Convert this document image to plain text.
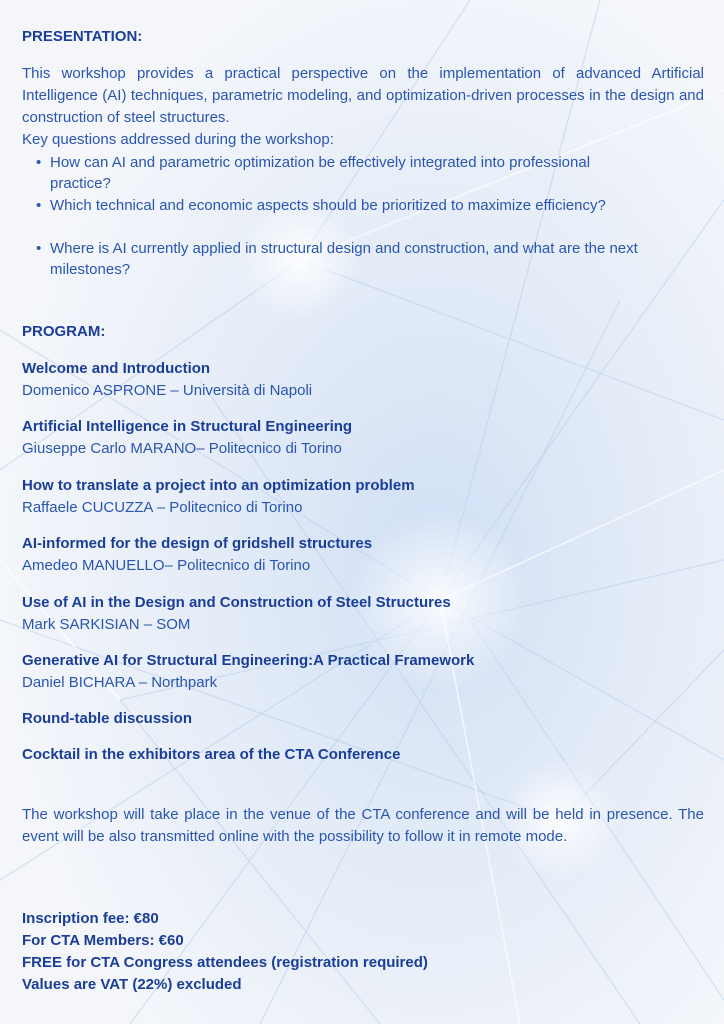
PRESENTATION:
This workshop provides a practical perspective on the implementation of advanced Artificial Intelligence (AI) techniques, parametric modeling, and optimization-driven processes in the design and construction of steel structures.
Key questions addressed during the workshop:
• How can AI and parametric optimization be effectively integrated into professional practice?
• Which technical and economic aspects should be prioritized to maximize efficiency?
• Where is AI currently applied in structural design and construction, and what are the next milestones?
PROGRAM:
Welcome and Introduction
Domenico ASPRONE – Università di Napoli
Artificial Intelligence in Structural Engineering
Giuseppe Carlo MARANO– Politecnico di Torino
How to translate a project into an optimization problem
Raffaele CUCUZZA – Politecnico di Torino
AI-informed for the design of gridshell structures
Amedeo MANUELLO– Politecnico di Torino
Use of AI in the Design and Construction of Steel Structures
Mark SARKISIAN – SOM
Generative AI for Structural Engineering:A Practical Framework
Daniel BICHARA – Northpark
Round-table discussion
Cocktail in the exhibitors area of the CTA Conference
The workshop will take place in the venue of the CTA conference and will be held in presence. The event will be also transmitted online with the possibility to follow it in remote mode.
Inscription fee: €80
For CTA Members: €60
FREE for CTA Congress attendees (registration required)
Values are VAT (22%) excluded
